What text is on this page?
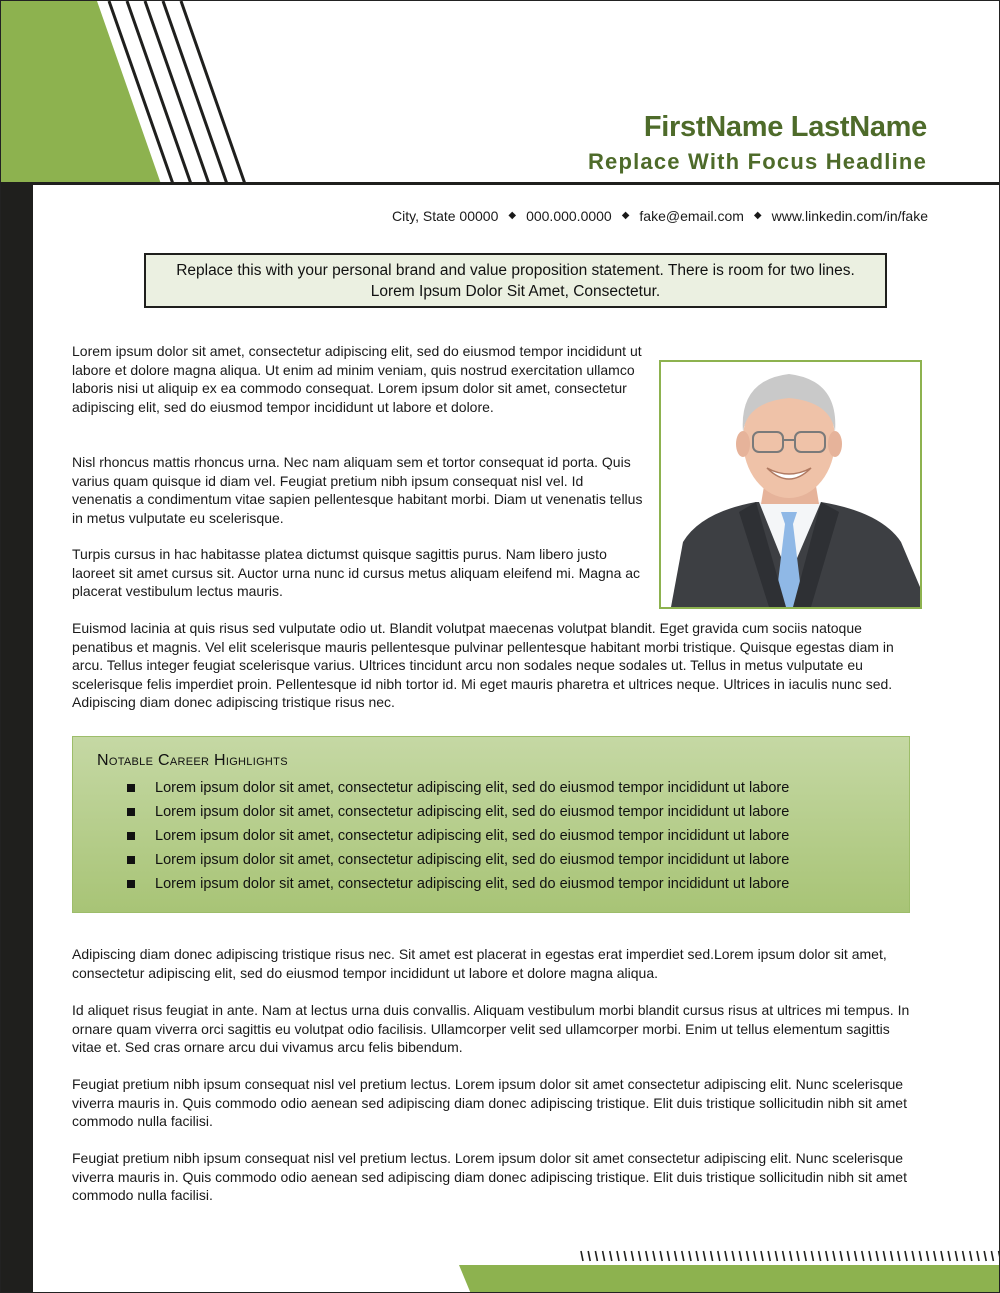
FirstName LastName
Replace With Focus Headline
City, State 00000 ◆ 000.000.0000 ◆ fake@email.com ◆ www.linkedin.com/in/fake

Replace this with your personal brand and value proposition statement. There is room for two lines. Lorem Ipsum Dolor Sit Amet, Consectetur.

Lorem ipsum dolor sit amet, consectetur adipiscing elit, sed do eiusmod tempor incididunt ut labore et dolore magna aliqua. Ut enim ad minim veniam, quis nostrud exercitation ullamco laboris nisi ut aliquip ex ea commodo consequat. Lorem ipsum dolor sit amet, consectetur adipiscing elit, sed do eiusmod tempor incididunt ut labore et dolore.

Nisl rhoncus mattis rhoncus urna. Nec nam aliquam sem et tortor consequat id porta. Quis varius quam quisque id diam vel. Feugiat pretium nibh ipsum consequat nisl vel. Id venenatis a condimentum vitae sapien pellentesque habitant morbi. Diam ut venenatis tellus in metus vulputate eu scelerisque.

Turpis cursus in hac habitasse platea dictumst quisque sagittis purus. Nam libero justo laoreet sit amet cursus sit. Auctor urna nunc id cursus metus aliquam eleifend mi. Magna ac placerat vestibulum lectus mauris.

Euismod lacinia at quis risus sed vulputate odio ut. Blandit volutpat maecenas volutpat blandit. Eget gravida cum sociis natoque penatibus et magnis. Vel elit scelerisque mauris pellentesque pulvinar pellentesque habitant morbi tristique. Quisque egestas diam in arcu. Tellus integer feugiat scelerisque varius. Ultrices tincidunt arcu non sodales neque sodales ut. Tellus in metus vulputate eu scelerisque felis imperdiet proin. Pellentesque id nibh tortor id. Mi eget mauris pharetra et ultrices neque. Ultrices in iaculis nunc sed. Adipiscing diam donec adipiscing tristique risus nec.

Notable Career Highlights
Lorem ipsum dolor sit amet, consectetur adipiscing elit, sed do eiusmod tempor incididunt ut labore
Lorem ipsum dolor sit amet, consectetur adipiscing elit, sed do eiusmod tempor incididunt ut labore
Lorem ipsum dolor sit amet, consectetur adipiscing elit, sed do eiusmod tempor incididunt ut labore
Lorem ipsum dolor sit amet, consectetur adipiscing elit, sed do eiusmod tempor incididunt ut labore
Lorem ipsum dolor sit amet, consectetur adipiscing elit, sed do eiusmod tempor incididunt ut labore

Adipiscing diam donec adipiscing tristique risus nec. Sit amet est placerat in egestas erat imperdiet sed.Lorem ipsum dolor sit amet, consectetur adipiscing elit, sed do eiusmod tempor incididunt ut labore et dolore magna aliqua.

Id aliquet risus feugiat in ante. Nam at lectus urna duis convallis. Aliquam vestibulum morbi blandit cursus risus at ultrices mi tempus. In ornare quam viverra orci sagittis eu volutpat odio facilisis. Ullamcorper velit sed ullamcorper morbi. Enim ut tellus elementum sagittis vitae et. Sed cras ornare arcu dui vivamus arcu felis bibendum.

Feugiat pretium nibh ipsum consequat nisl vel pretium lectus. Lorem ipsum dolor sit amet consectetur adipiscing elit. Nunc scelerisque viverra mauris in. Quis commodo odio aenean sed adipiscing diam donec adipiscing tristique. Elit duis tristique sollicitudin nibh sit amet commodo nulla facilisi.

Feugiat pretium nibh ipsum consequat nisl vel pretium lectus. Lorem ipsum dolor sit amet consectetur adipiscing elit. Nunc scelerisque viverra mauris in. Quis commodo odio aenean sed adipiscing diam donec adipiscing tristique. Elit duis tristique sollicitudin nibh sit amet commodo nulla facilisi.
